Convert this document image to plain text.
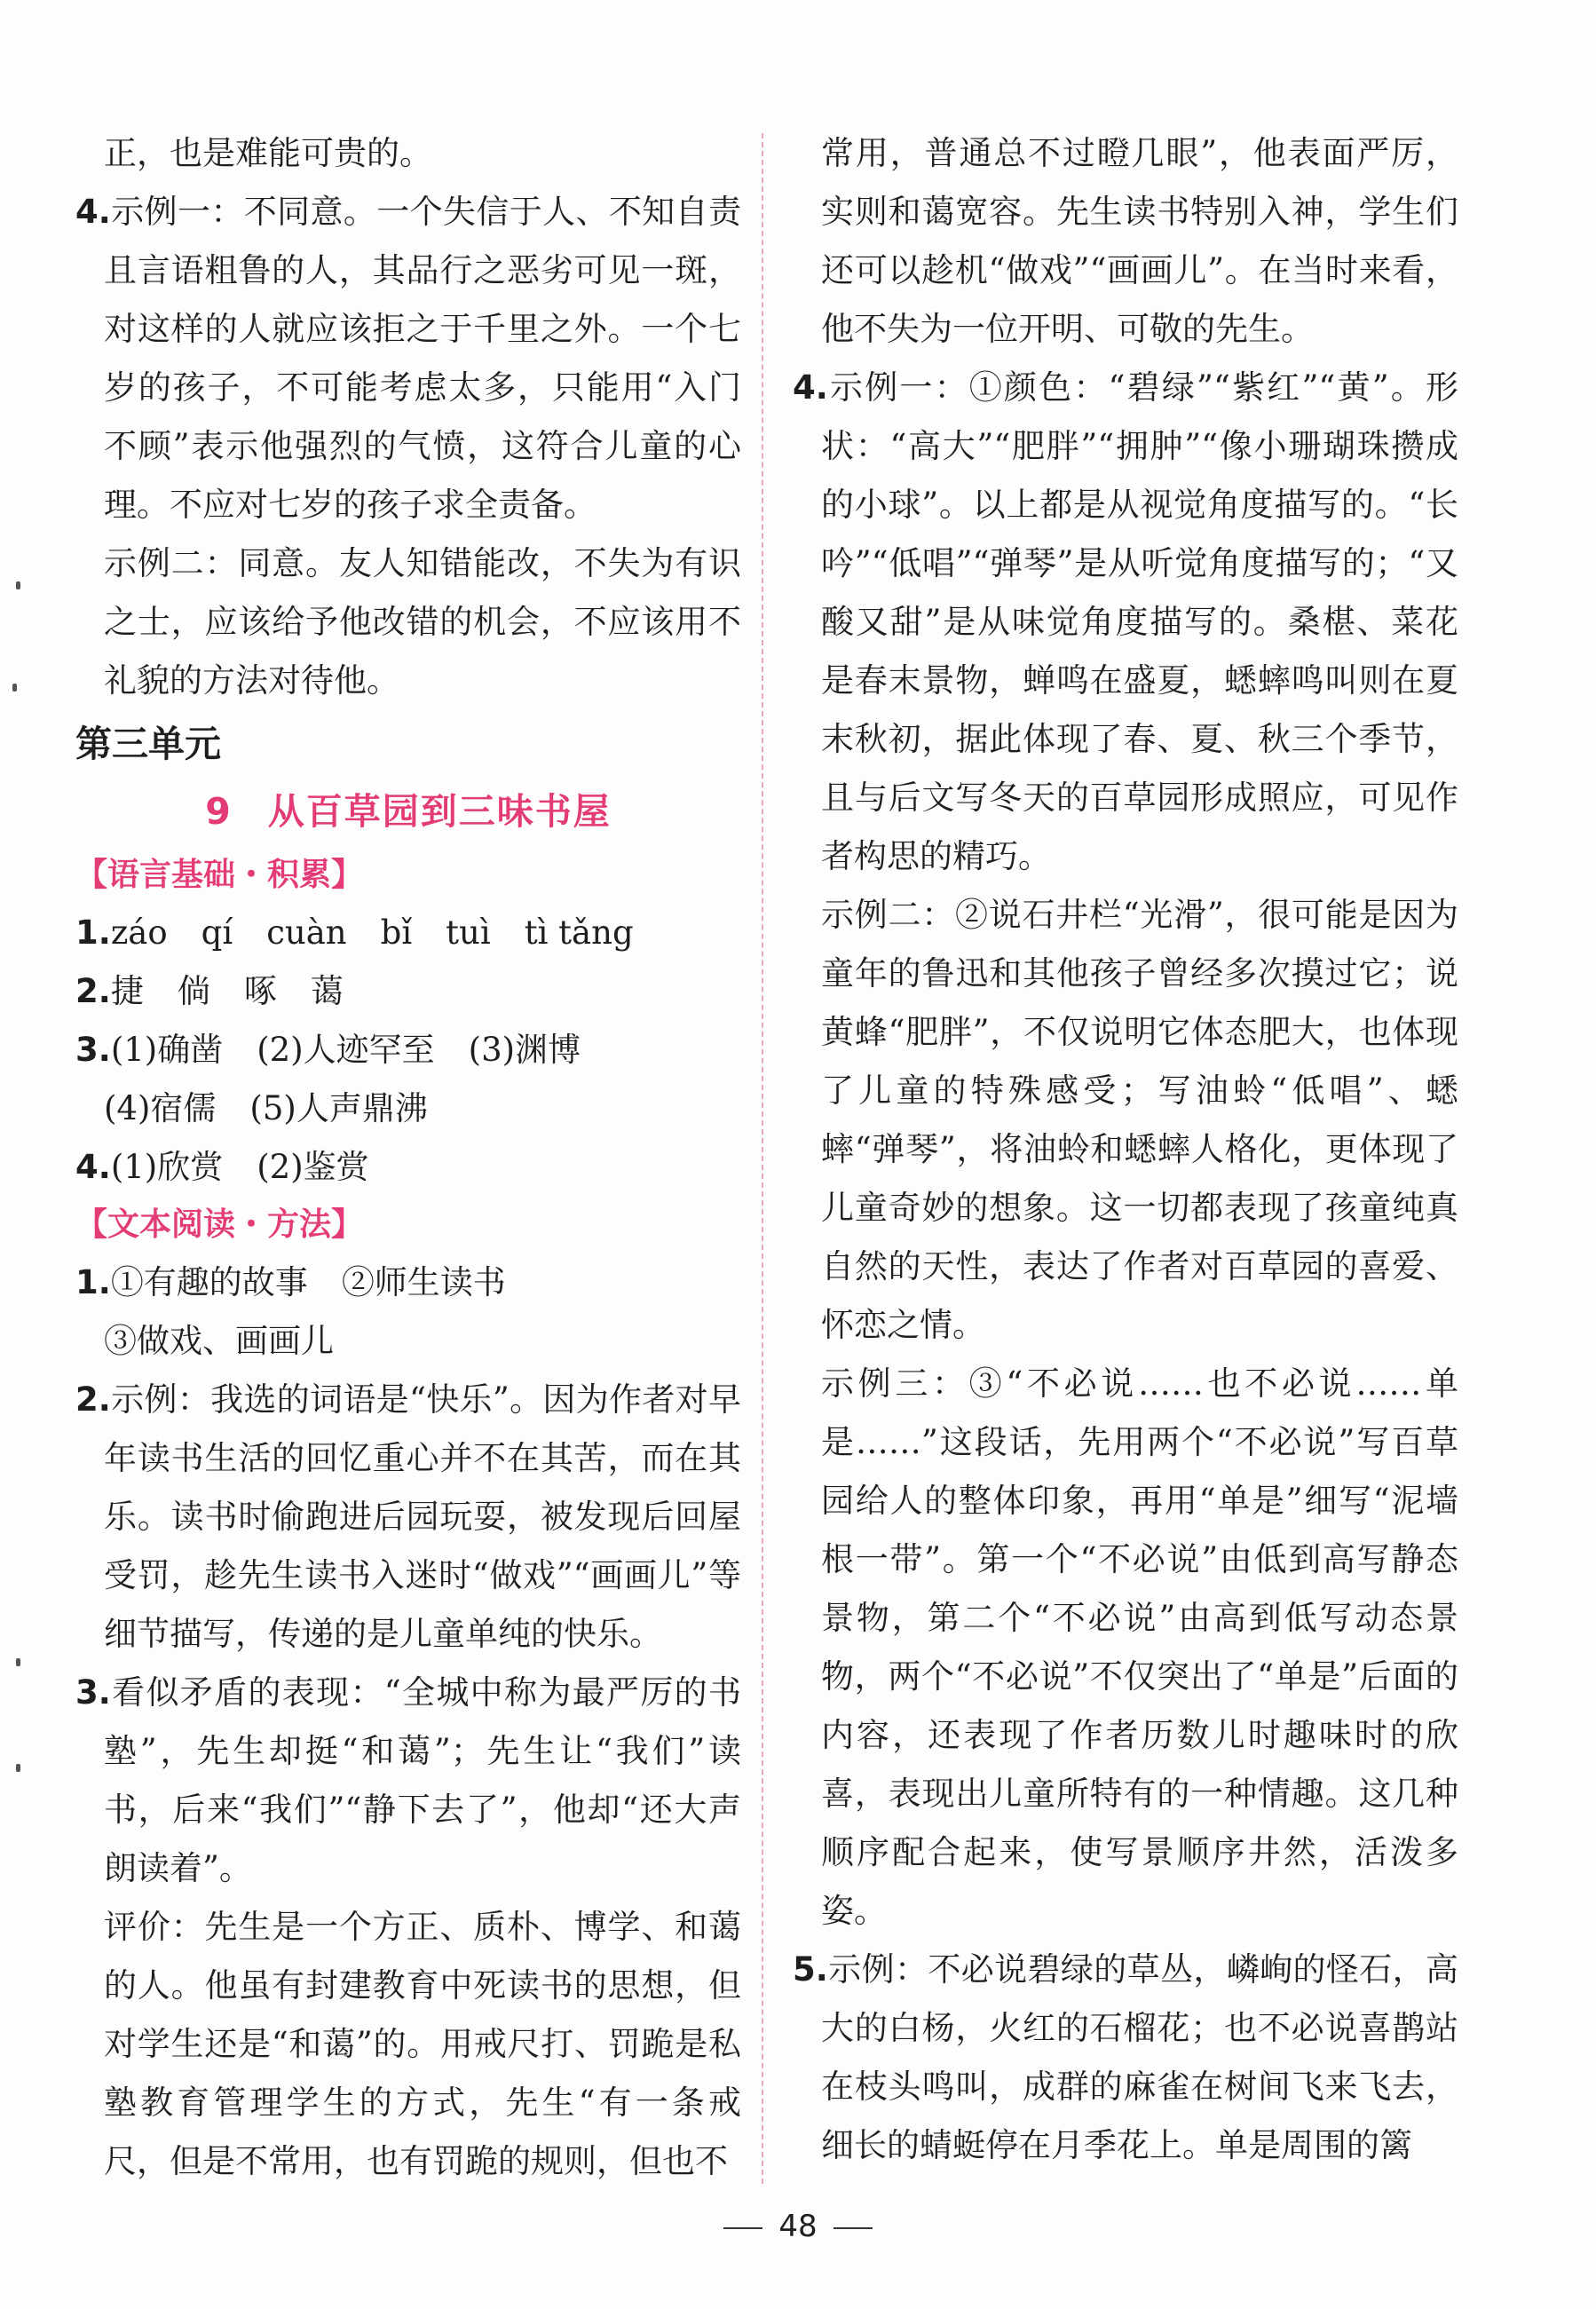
正，也是难能可贵的。

4.示例一：不同意。一个失信于人、不知自责且言语粗鲁的人，其品行之恶劣可见一斑，对这样的人就应该拒之于千里之外。一个七岁的孩子，不可能考虑太多，只能用“入门不顾”表示他强烈的气愤，这符合儿童的心理。不应对七岁的孩子求全责备。

示例二：同意。友人知错能改，不失为有识之士，应该给予他改错的机会，不应该用不礼貌的方法对待他。

第三单元

9 从百草园到三味书屋

【语言基础・积累】

1.záo qí cuàn bǐ tuì tì tǎng

2.捷 倘 啄 蔼

3.(1)确凿 (2)人迹罕至 (3)渊博

(4)宿儒 (5)人声鼎沸

4.(1)欣赏 (2)鉴赏

【文本阅读・方法】

1.①有趣的故事 ②师生读书

③做戏、画画儿

2.示例：我选的词语是“快乐”。因为作者对早年读书生活的回忆重心并不在其苦，而在其乐。读书时偷跑进后园玩耍，被发现后回屋受罚，趁先生读书入迷时“做戏”“画画儿”等细节描写，传递的是儿童单纯的快乐。

3.看似矛盾的表现：“全城中称为最严厉的书塾”，先生却挺“和蔼”；先生让“我们”读书，后来“我们”“静下去了”，他却“还大声朗读着”。

评价：先生是一个方正、质朴、博学、和蔼的人。他虽有封建教育中死读书的思想，但对学生还是“和蔼”的。用戒尺打、罚跪是私塾教育管理学生的方式，先生“有一条戒尺，但是不常用，也有罚跪的规则，但也不

常用，普通总不过瞪几眼”，他表面严厉，实则和蔼宽容。先生读书特别入神，学生们还可以趁机“做戏”“画画儿”。在当时来看，他不失为一位开明、可敬的先生。

4.示例一：①颜色：“碧绿”“紫红”“黄”。形状：“高大”“肥胖”“拥肿”“像小珊瑚珠攒成的小球”。以上都是从视觉角度描写的。“长吟”“低唱”“弹琴”是从听觉角度描写的；“又酸又甜”是从味觉角度描写的。桑椹、菜花是春末景物，蝉鸣在盛夏，蟋蟀鸣叫则在夏末秋初，据此体现了春、夏、秋三个季节，且与后文写冬天的百草园形成照应，可见作者构思的精巧。

示例二：②说石井栏“光滑”，很可能是因为童年的鲁迅和其他孩子曾经多次摸过它；说黄蜂“肥胖”，不仅说明它体态肥大，也体现了儿童的特殊感受；写油蛉“低唱”、蟋蟀“弹琴”，将油蛉和蟋蟀人格化，更体现了儿童奇妙的想象。这一切都表现了孩童纯真自然的天性，表达了作者对百草园的喜爱、怀恋之情。

示例三：③“不必说……也不必说……单是……”这段话，先用两个“不必说”写百草园给人的整体印象，再用“单是”细写“泥墙根一带”。第一个“不必说”由低到高写静态景物，第二个“不必说”由高到低写动态景物，两个“不必说”不仅突出了“单是”后面的内容，还表现了作者历数儿时趣味时的欣喜，表现出儿童所特有的一种情趣。这几种顺序配合起来，使写景顺序井然，活泼多姿。

5.示例：不必说碧绿的草丛，嶙峋的怪石，高大的白杨，火红的石榴花；也不必说喜鹊站在枝头鸣叫，成群的麻雀在树间飞来飞去，细长的蜻蜓停在月季花上。单是周围的篱

48
